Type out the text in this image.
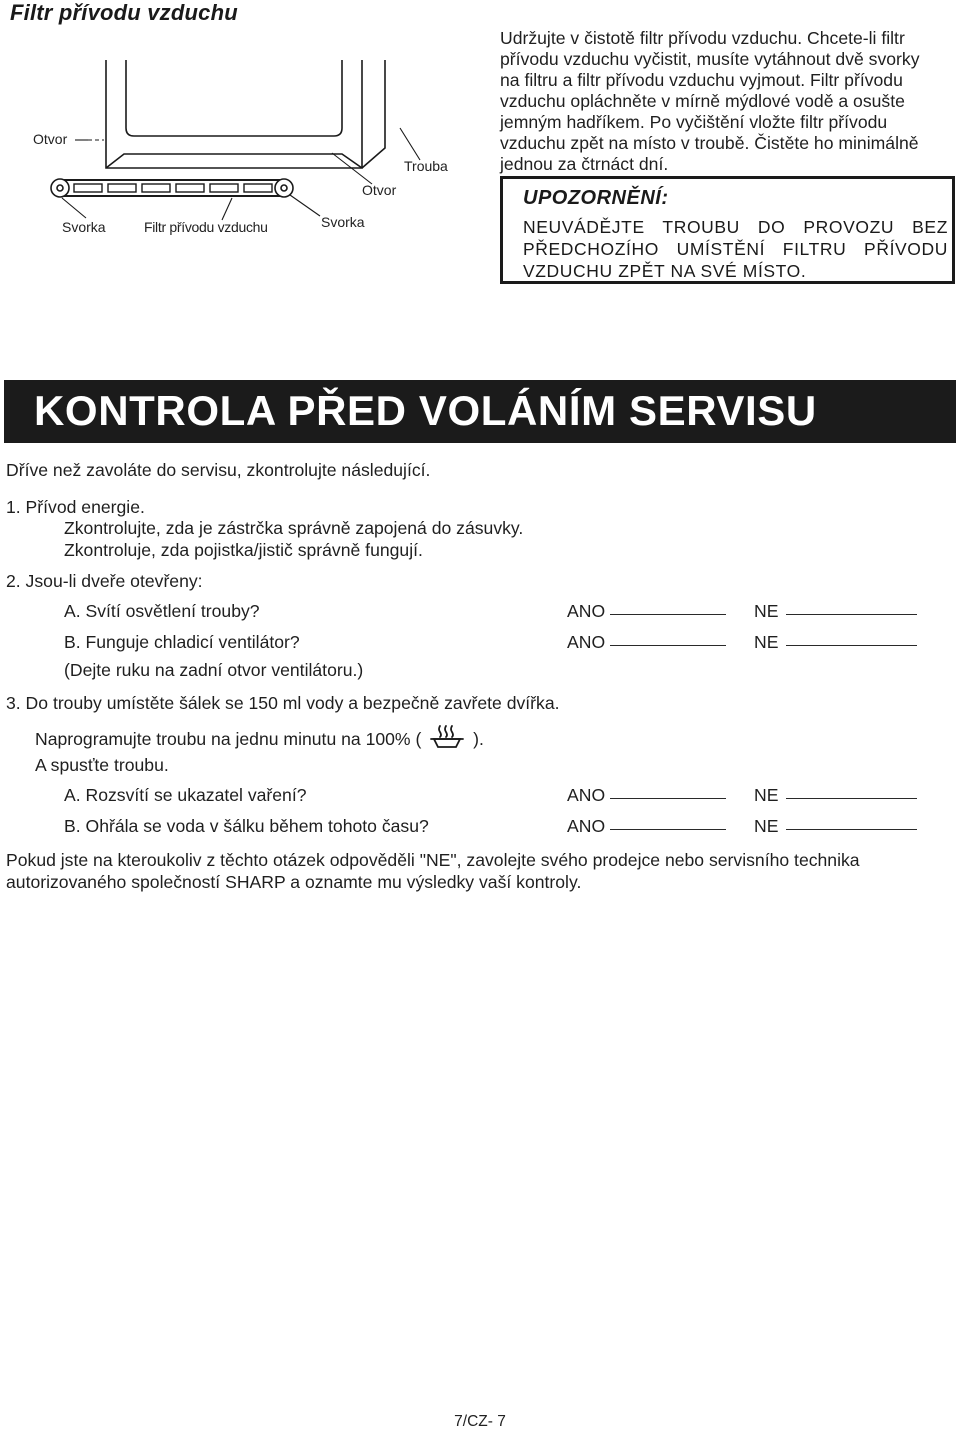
Filtr přívodu vzduchu
Otvor
Svorka	Filtr přívodu vzduchu	Svorka
Otvor
Trouba
Udržujte v čistotě filtr přívodu vzduchu. Chcete-li filtr
přívodu vzduchu vyčistit, musíte vytáhnout dvě svorky
na filtru a filtr přívodu vzduchu vyjmout. Filtr přívodu
vzduchu opláchněte v mírně mýdlové vodě a osušte
jemným hadříkem. Po vyčištění vložte filtr přívodu
vzduchu zpět na místo v troubě. Čistěte ho minimálně
jednou za čtrnáct dní.
UPOZORNĚNÍ:
NEUVÁDĚJTE TROUBU DO PROVOZU BEZ PŘEDCHOZÍHO UMÍSTĚNÍ FILTRU PŘÍVODU VZDUCHU ZPĚT NA SVÉ MÍSTO.
KONTROLA PŘED VOLÁNÍM SERVISU
Dříve než zavoláte do servisu, zkontrolujte následující.
1. Přívod energie.
Zkontrolujte, zda je zástrčka správně zapojená do zásuvky.
Zkontroluje, zda pojistka/jistič správně fungují.
2. Jsou-li dveře otevřeny:
A. Svítí osvětlení trouby?	ANO	NE
B. Funguje chladicí ventilátor?	ANO	NE
(Dejte ruku na zadní otvor ventilátoru.)
3. Do trouby umístěte šálek se 150 ml vody a bezpečně zavřete dvířka.
Naprogramujte troubu na jednu minutu na 100% (	).
A spusťte troubu.
A. Rozsvítí se ukazatel vaření?	ANO	NE
B. Ohřála se voda v šálku během tohoto času?	ANO	NE
Pokud jste na kteroukoliv z těchto otázek odpověděli "NE", zavolejte svého prodejce nebo servisního technika
autorizovaného společností SHARP a oznamte mu výsledky vaší kontroly.
7/CZ- 7
